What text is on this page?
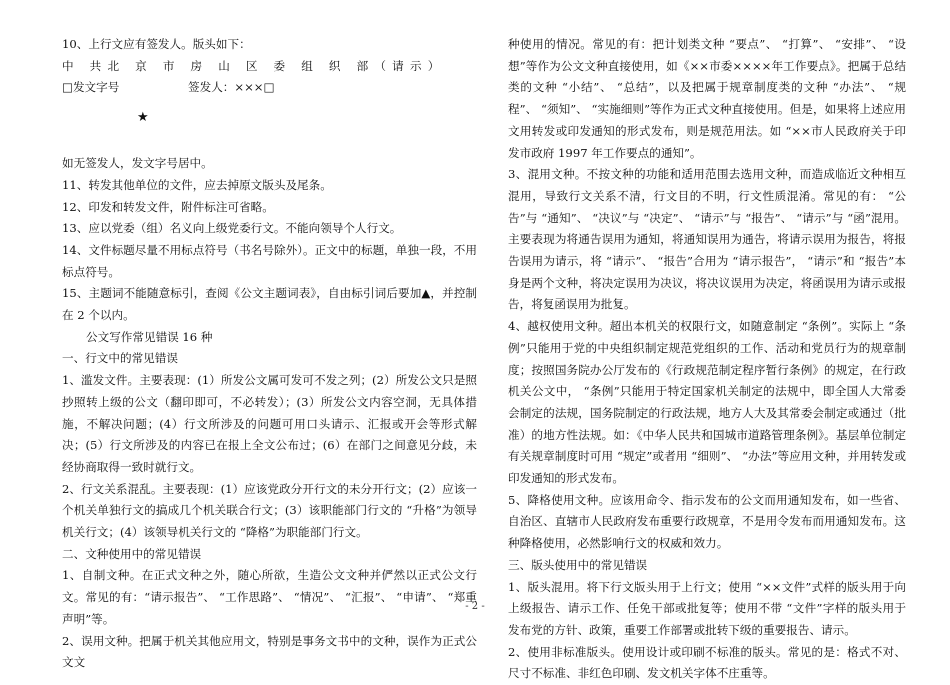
10、上行文应有签发人。版头如下：

中 共北 京 市 房 山 区 委 组 织 部（请示）

□发文字号	签发人：×××□
★

如无签发人，发文字号居中。

11、转发其他单位的文件，应去掉原文版头及尾条。

12、印发和转发文件，附件标注可省略。

13、应以党委（组）名义向上级党委行文。不能向领导个人行文。

14、文件标题尽量不用标点符号（书名号除外）。正文中的标题，单独一段，不用标点符号。

15、主题词不能随意标引，查阅《公文主题词表》，自由标引词后要加▲，并控制在 2 个以内。

公文写作常见错误 16 种

一、行文中的常见错误

1、滥发文件。主要表现：(1）所发公文属可发可不发之列；(2）所发公文只是照抄照转上级的公文（翻印即可，不必转发）；(3）所发公文内容空洞，无具体措施，不解决问题；(4）行文所涉及的问题可用口头请示、汇报或开会等形式解决；(5）行文所涉及的内容已在报上全文公布过；(6）在部门之间意见分歧，未经协商取得一致时就行文。

2、行文关系混乱。主要表现：(1）应该党政分开行文的未分开行文；(2）应该一个机关单独行文的搞成几个机关联合行文；(3）该职能部门行文的 “升格”为领导机关行文；(4）该领导机关行文的 “降格”为职能部门行文。

二、文种使用中的常见错误

1、自制文种。在正式文种之外，随心所欲，生造公文文种并俨然以正式公文行文。常见的有：“请示报告”、 “工作思路”、 “情况”、 “汇报”、 “申请”、 “郑重声明”等。

2、误用文种。把属于机关其他应用文，特别是事务文书中的文种，误作为正式公文文

种使用的情况。常见的有：把计划类文种 “要点”、 “打算”、 “安排”、 “设想”等作为公文文种直接使用，如《××市委××××年工作要点》。把属于总结类的文种 “小结”、 “总结”，以及把属于规章制度类的文种 “办法”、 “规程”、 “须知”、 “实施细则”等作为正式文种直接使用。但是，如果将上述应用文用转发或印发通知的形式发布，则是规范用法。如 “××市人民政府关于印发市政府 1997 年工作要点的通知”。

3、混用文种。不按文种的功能和适用范围去选用文种，而造成临近文种相互混用，导致行文关系不清，行文目的不明，行文性质混淆。常见的有： “公告”与 “通知”、 “决议”与 “决定”、 “请示”与 “报告”、 “请示”与 “函”混用。主要表现为将通告误用为通知，将通知误用为通告，将请示误用为报告，将报告误用为请示，将 “请示”、 “报告”合用为 “请示报告”， “请示”和 “报告”本身是两个文种，将决定误用为决议，将决议误用为决定，将函误用为请示或报告，将复函误用为批复。

4、越权使用文种。超出本机关的权限行文，如随意制定 “条例”。实际上 “条例”只能用于党的中央组织制定规范党组织的工作、活动和党员行为的规章制度；按照国务院办公厅发布的《行政规范制定程序暂行条例》的规定，在行政机关公文中， “条例”只能用于特定国家机关制定的法规中，即全国人大常委会制定的法规，国务院制定的行政法规，地方人大及其常委会制定或通过（批准）的地方性法规。如：《中华人民共和国城市道路管理条例》。基层单位制定有关规章制度时可用 “规定”或者用 “细则”、 “办法”等应用文种，并用转发或印发通知的形式发布。

5、降格使用文种。应该用命令、指示发布的公文而用通知发布，如一些省、自治区、直辖市人民政府发布重要行政规章，不是用令发布而用通知发布。这种降格使用，必然影响行文的权威和效力。

三、版头使用中的常见错误

1、版头混用。将下行文版头用于上行文；使用 “××文件”式样的版头用于向上级报告、请示工作、任免干部或批复等；使用不带 “文件”字样的版头用于发布党的方针、政策，重要工作部署或批转下级的重要报告、请示。

2、使用非标准版头。使用设计或印刷不标准的版头。常见的是：格式不对、尺寸不标准、非红色印刷、发文机关字体不庄重等。

- 2 -
